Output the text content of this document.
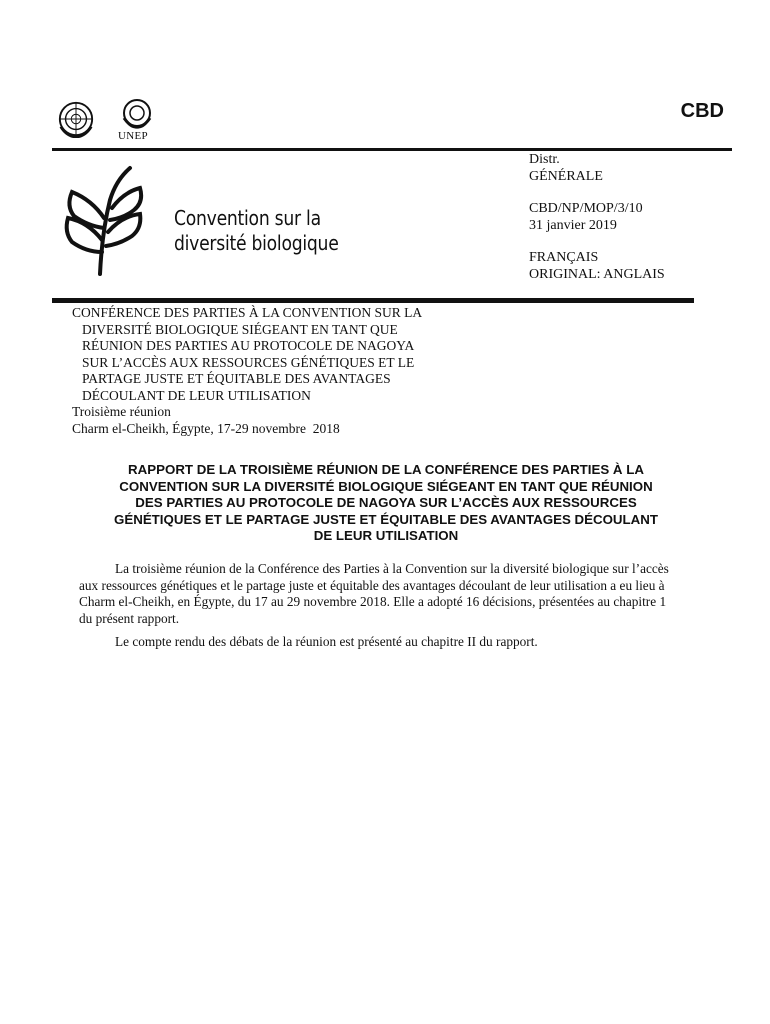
UNEP
CBD
Convention sur la
diversité biologique
Distr.
GÉNÉRALE
CBD/NP/MOP/3/10
31 janvier 2019
FRANÇAIS
ORIGINAL: ANGLAIS
CONFÉRENCE DES PARTIES À LA CONVENTION SUR LA
DIVERSITÉ BIOLOGIQUE SIÉGEANT EN TANT QUE
RÉUNION DES PARTIES AU PROTOCOLE DE NAGOYA
SUR L’ACCÈS AUX RESSOURCES GÉNÉTIQUES ET LE
PARTAGE JUSTE ET ÉQUITABLE DES AVANTAGES
DÉCOULANT DE LEUR UTILISATION
Troisième réunion
Charm el-Cheikh, Égypte, 17-29 novembre  2018
RAPPORT DE LA TROISIÈME RÉUNION DE LA CONFÉRENCE DES PARTIES À LA
CONVENTION SUR LA DIVERSITÉ BIOLOGIQUE SIÉGEANT EN TANT QUE RÉUNION
DES PARTIES AU PROTOCOLE DE NAGOYA SUR L’ACCÈS AUX RESSOURCES
GÉNÉTIQUES ET LE PARTAGE JUSTE ET ÉQUITABLE DES AVANTAGES DÉCOULANT
DE LEUR UTILISATION
La troisième réunion de la Conférence des Parties à la Convention sur la diversité biologique sur l’accès
aux ressources génétiques et le partage juste et équitable des avantages découlant de leur utilisation a eu lieu à
Charm el-Cheikh, en Égypte, du 17 au 29 novembre 2018. Elle a adopté 16 décisions, présentées au chapitre 1
du présent rapport.
Le compte rendu des débats de la réunion est présenté au chapitre II du rapport.
